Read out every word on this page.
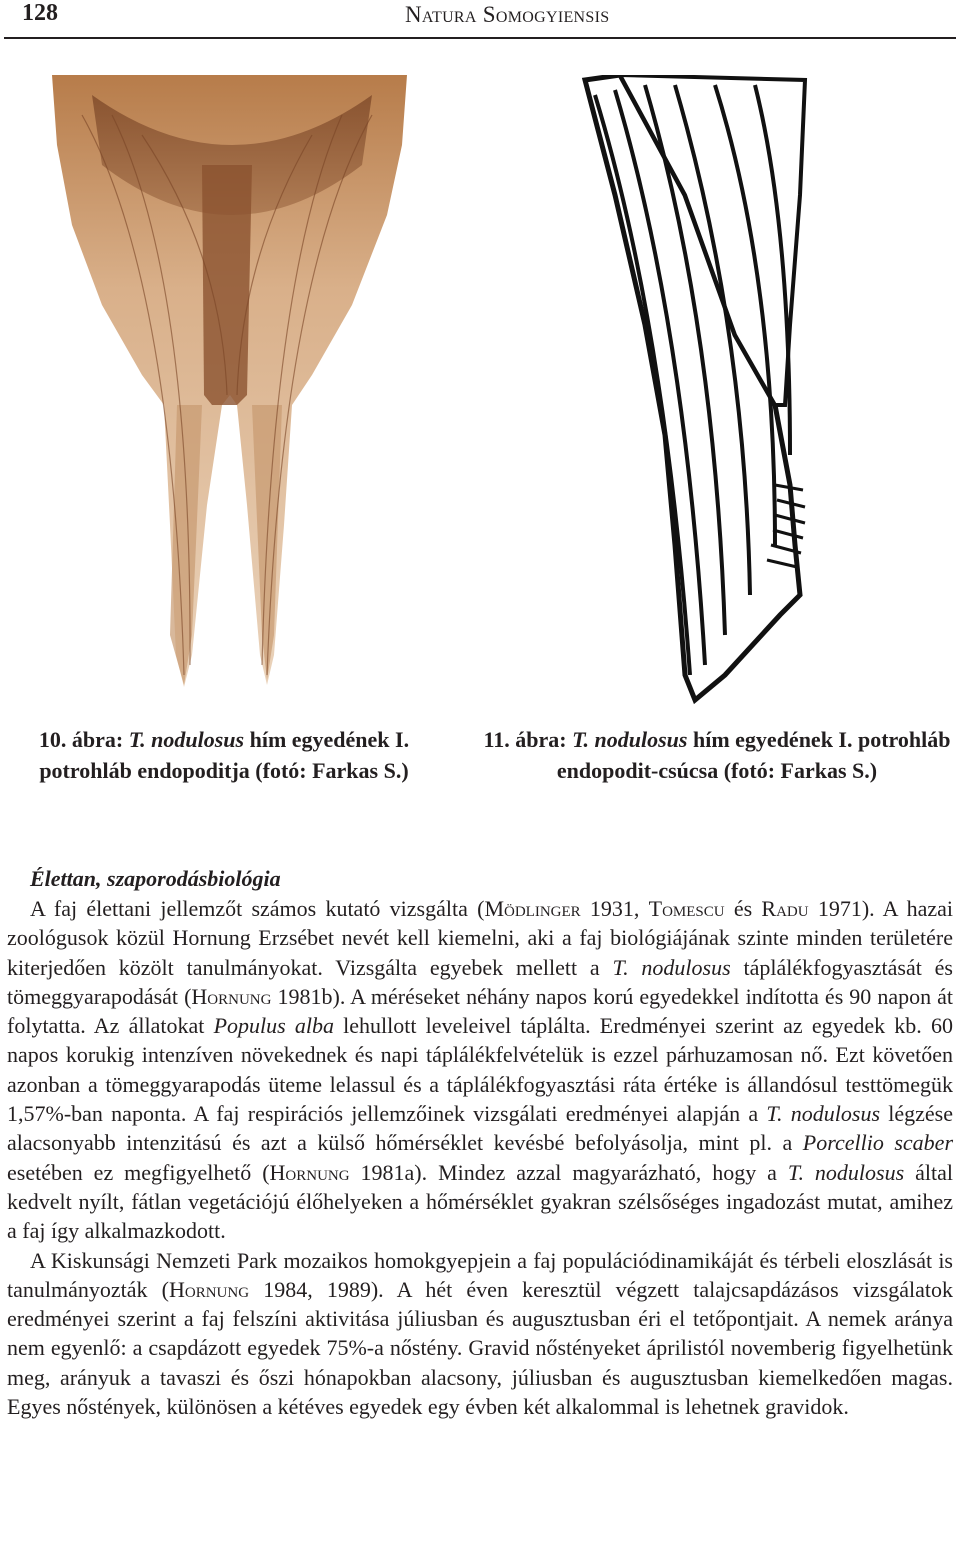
128	Natura Somogyiensis
10. ábra: T. nodulosus hím egyedének I. potrohláb endopoditja (fotó: Farkas S.)
11. ábra: T. nodulosus hím egyedének I. potrohláb endopodit-csúcsa (fotó: Farkas S.)
Élettan, szaporodásbiológia

A faj élettani jellemzőt számos kutató vizsgálta (Mödlinger 1931, Tomescu és Radu 1971). A hazai zoológusok közül Hornung Erzsébet nevét kell kiemelni, aki a faj biológiájának szinte minden területére kiterjedően közölt tanulmányokat. Vizsgálta egyebek mellett a T. nodulosus táplálékfogyasztását és tömeggyarapodását (Hornung 1981b). A méréseket néhány napos korú egyedekkel indította és 90 napon át folytatta. Az állatokat Populus alba lehullott leveleivel táplálta. Eredményei szerint az egyedek kb. 60 napos korukig intenzíven növekednek és napi táplálékfelvételük is ezzel párhuzamosan nő. Ezt követően azonban a tömeggyarapodás üteme lelassul és a táplálékfogyasztási ráta értéke is állandósul testtömegük 1,57%-ban naponta. A faj respirációs jellemzőinek vizsgálati eredményei alapján a T. nodulosus légzése alacsonyabb intenzitású és azt a külső hőmérséklet kevésbé befolyásolja, mint pl. a Porcellio scaber esetében ez megfigyelhető (Hornung 1981a). Mindez azzal magyarázható, hogy a T. nodulosus által kedvelt nyílt, fátlan vegetációjú élőhelyeken a hőmérséklet gyakran szélsőséges ingadozást mutat, amihez a faj így alkalmazkodott.

A Kiskunsági Nemzeti Park mozaikos homokgyepjein a faj populációdinamikáját és térbeli eloszlását is tanulmányozták (Hornung 1984, 1989). A hét éven keresztül végzett talajcsapdázásos vizsgálatok eredményei szerint a faj felszíni aktivitása júliusban és augusztusban éri el tetőpontjait. A nemek aránya nem egyenlő: a csapdázott egyedek 75%-a nőstény. Gravid nőstényeket áprilistól novemberig figyelhetünk meg, arányuk a tavaszi és őszi hónapokban alacsony, júliusban és augusztusban kiemelkedően magas. Egyes nőstények, különösen a kétéves egyedek egy évben két alkalommal is lehetnek gravidok.
